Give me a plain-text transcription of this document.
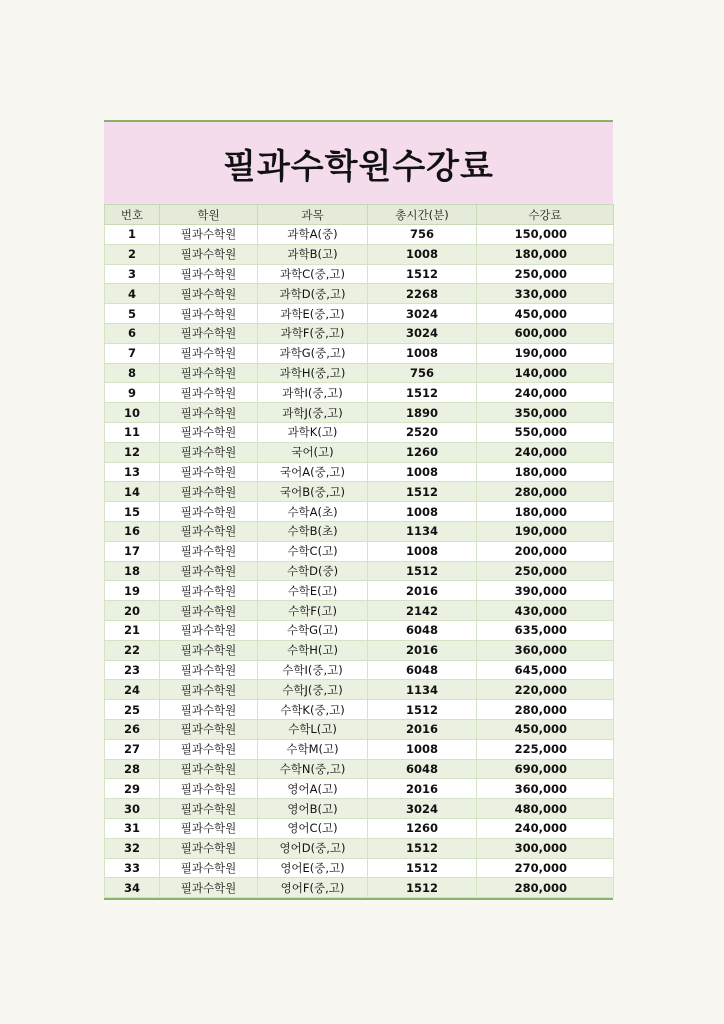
필과수학원수강료
번호	학원	과목	총시간(분)	수강료
1	필과수학원	과학A(중)	756	150,000
2	필과수학원	과학B(고)	1008	180,000
3	필과수학원	과학C(중,고)	1512	250,000
4	필과수학원	과학D(중,고)	2268	330,000
5	필과수학원	과학E(중,고)	3024	450,000
6	필과수학원	과학F(중,고)	3024	600,000
7	필과수학원	과학G(중,고)	1008	190,000
8	필과수학원	과학H(중,고)	756	140,000
9	필과수학원	과학I(중,고)	1512	240,000
10	필과수학원	과학J(중,고)	1890	350,000
11	필과수학원	과학K(고)	2520	550,000
12	필과수학원	국어(고)	1260	240,000
13	필과수학원	국어A(중,고)	1008	180,000
14	필과수학원	국어B(중,고)	1512	280,000
15	필과수학원	수학A(초)	1008	180,000
16	필과수학원	수학B(초)	1134	190,000
17	필과수학원	수학C(고)	1008	200,000
18	필과수학원	수학D(중)	1512	250,000
19	필과수학원	수학E(고)	2016	390,000
20	필과수학원	수학F(고)	2142	430,000
21	필과수학원	수학G(고)	6048	635,000
22	필과수학원	수학H(고)	2016	360,000
23	필과수학원	수학I(중,고)	6048	645,000
24	필과수학원	수학J(중,고)	1134	220,000
25	필과수학원	수학K(중,고)	1512	280,000
26	필과수학원	수학L(고)	2016	450,000
27	필과수학원	수학M(고)	1008	225,000
28	필과수학원	수학N(중,고)	6048	690,000
29	필과수학원	영어A(고)	2016	360,000
30	필과수학원	영어B(고)	3024	480,000
31	필과수학원	영어C(고)	1260	240,000
32	필과수학원	영어D(중,고)	1512	300,000
33	필과수학원	영어E(중,고)	1512	270,000
34	필과수학원	영어F(중,고)	1512	280,000
